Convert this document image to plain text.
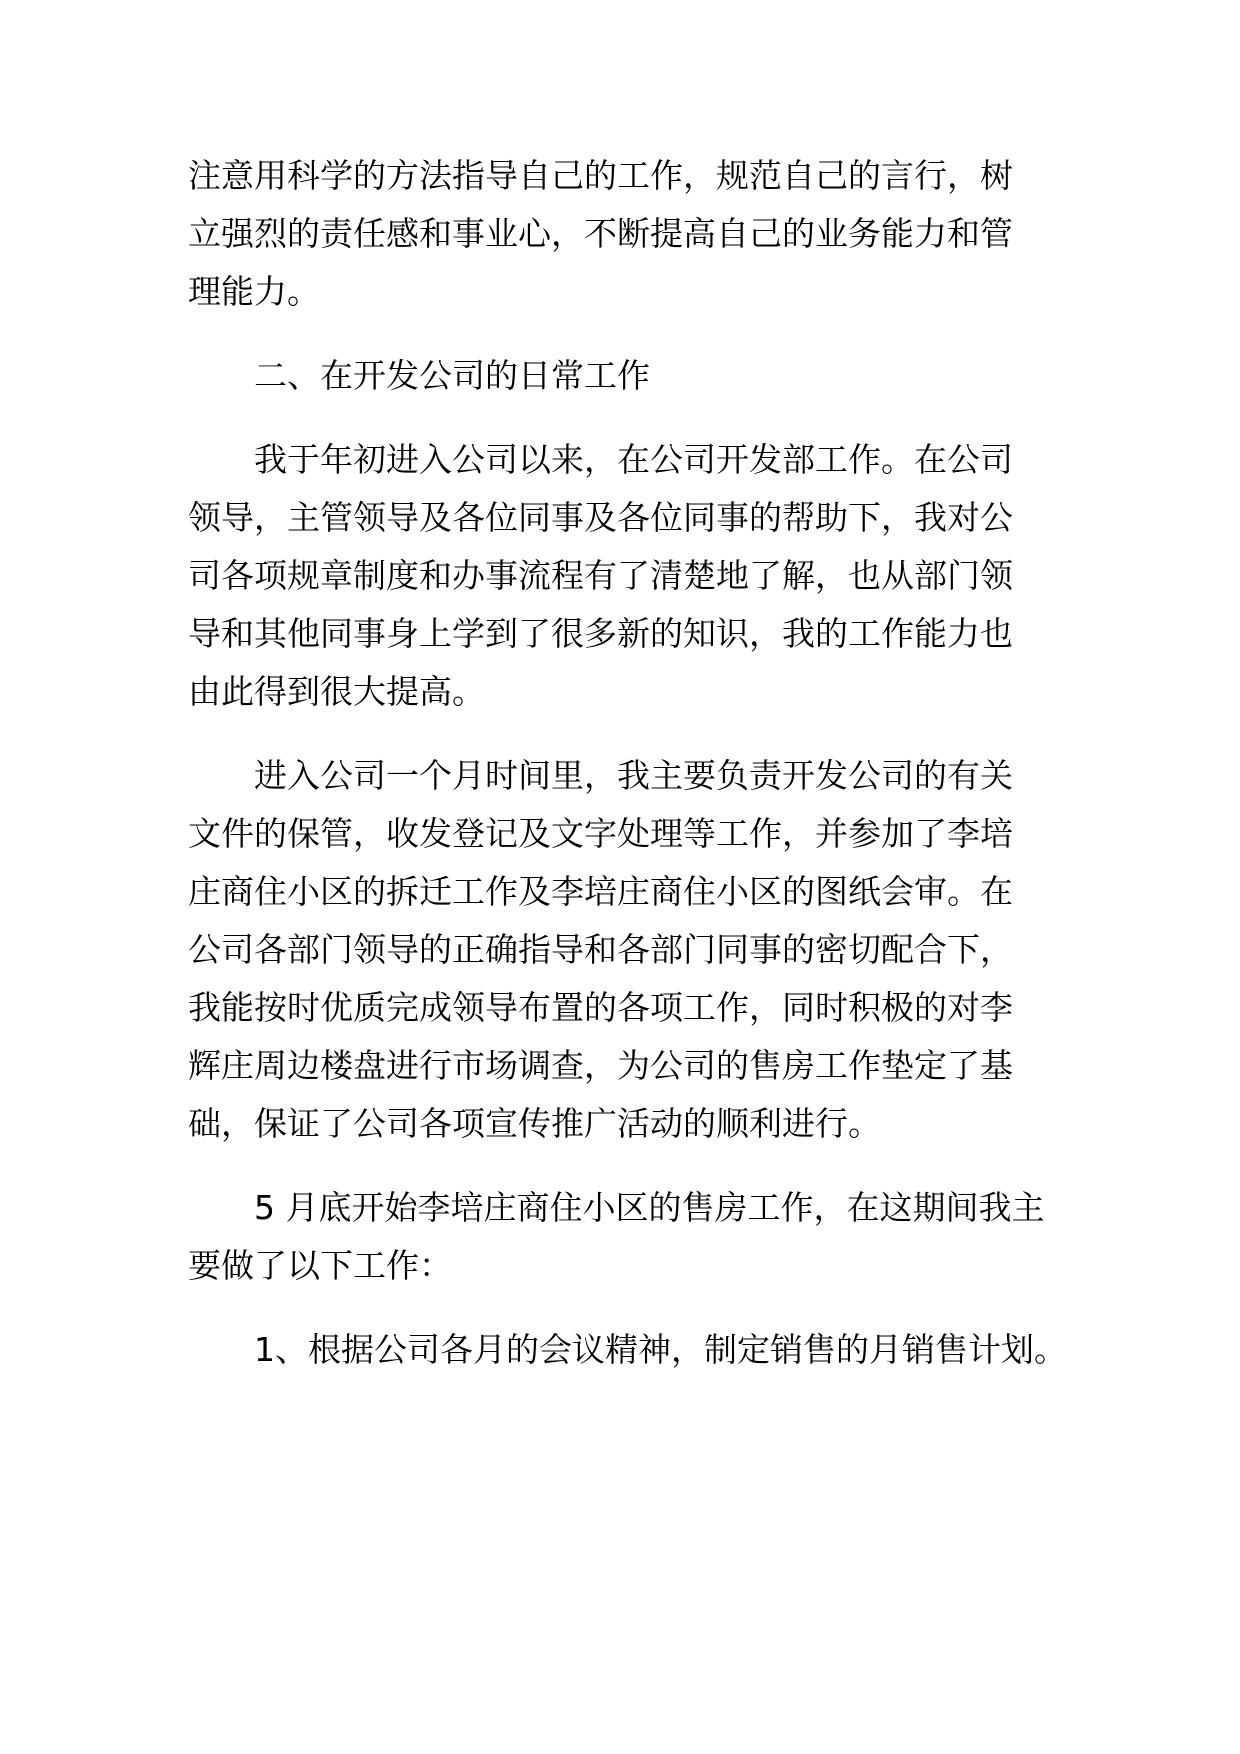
注意用科学的方法指导自己的工作，规范自己的言行，树
立强烈的责任感和事业心，不断提高自己的业务能力和管
理能力。
二、在开发公司的日常工作
我于年初进入公司以来，在公司开发部工作。在公司
领导，主管领导及各位同事及各位同事的帮助下，我对公
司各项规章制度和办事流程有了清楚地了解，也从部门领
导和其他同事身上学到了很多新的知识，我的工作能力也
由此得到很大提高。
进入公司一个月时间里，我主要负责开发公司的有关
文件的保管，收发登记及文字处理等工作，并参加了李培
庄商住小区的拆迁工作及李培庄商住小区的图纸会审。在
公司各部门领导的正确指导和各部门同事的密切配合下，
我能按时优质完成领导布置的各项工作，同时积极的对李
辉庄周边楼盘进行市场调查，为公司的售房工作垫定了基
础，保证了公司各项宣传推广活动的顺利进行。
5 月底开始李培庄商住小区的售房工作，在这期间我主
要做了以下工作：
1、根据公司各月的会议精神，制定销售的月销售计划。
